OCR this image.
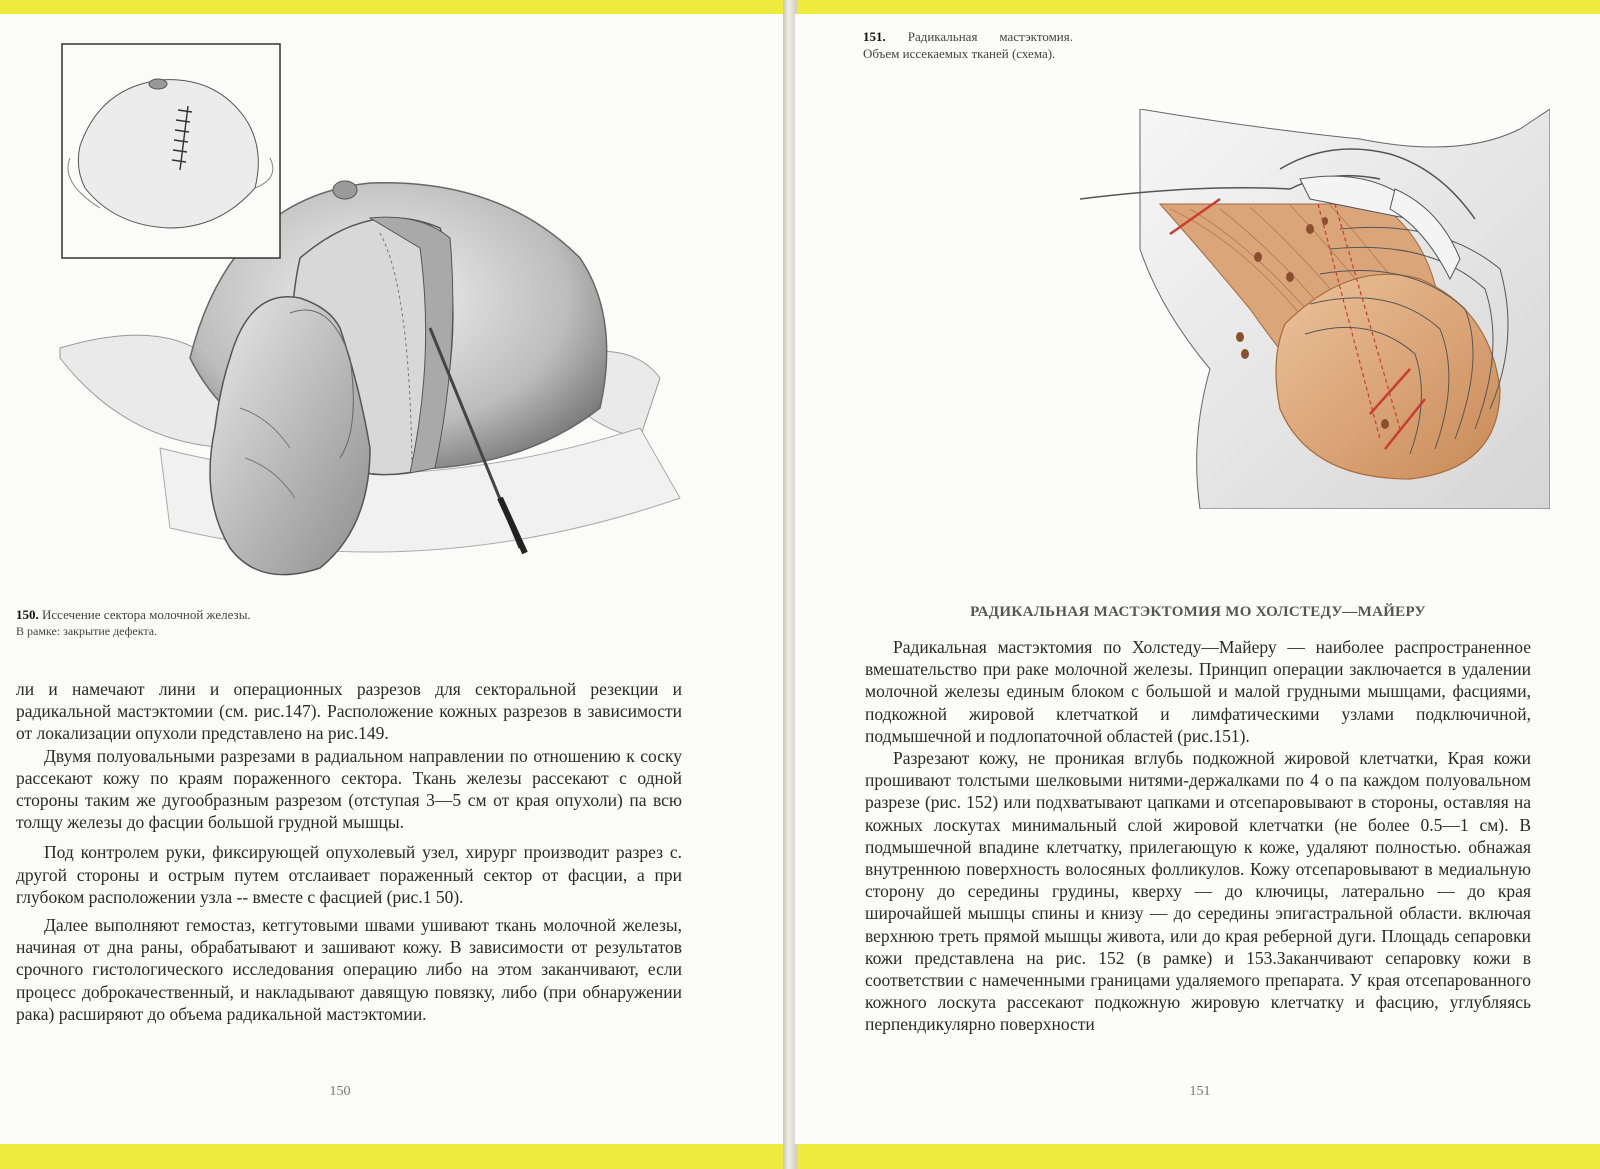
150. Иссечение сектора молочной железы.
В рамке: закрытие дефекта.

ли и намечают лини и операционных разрезов для секторальной резекции и радикальной мастэктомии (см. рис.147). Расположение кожных разрезов в зависимости от локализации опухоли представлено на рис.149.

Двумя полуовальными разрезами в радиальном направлении по отношению к соску рассекают кожу по краям пораженного сектора. Ткань железы рассекают с одной стороны таким же дугообразным разрезом (отступая 3—5 см от края опухоли) па всю толщу железы до фасции большой грудной мышцы.

Под контролем руки, фиксирующей опухолевый узел, хирург производит разрез с. другой стороны и острым путем отслаивает пораженный сектор от фасции, а при глубоком расположении узла -- вместе с фасцией (рис.1 50).

Далее выполняют гемостаз, кетгутовыми швами ушивают ткань молочной железы, начиная от дна раны, обрабатывают и зашивают кожу. В зависимости от результатов срочного гистологического исследования операцию либо на этом заканчивают, если процесс доброкачественный, и накладывают давящую повязку, либо (при обнаружении рака) расширяют до объема радикальной мастэктомии.

150
151. Радикальная мастэктомия. Объем иссекаемых тканей (схема).
РАДИКАЛЬНАЯ МАСТЭКТОМИЯ МО ХОЛСТЕДУ—МАЙЕРУ

Радикальная мастэктомия по Холстеду—Майеру — наиболее распространенное вмешательство при раке молочной железы. Принцип операции заключается в удалении молочной железы единым блоком с большой и малой грудными мышцами, фасциями, подкожной жировой клетчаткой и лимфатическими узлами подключичной, подмышечной и подлопаточной областей (рис.151).

Разрезают кожу, не проникая вглубь подкожной жировой клетчатки, Края кожи прошивают толстыми шелковыми нитями-держалками по 4 о па каждом полуовальном разрезе (рис. 152) или подхватывают цапками и отсепаровывают в стороны, оставляя на кожных лоскутах минимальный слой жировой клетчатки (не более 0.5—1 см). В подмышечной впадине клетчатку, прилегающую к коже, удаляют полностью. обнажая внутреннюю поверхность волосяных фолликулов. Кожу отсепаровывают в медиальную сторону до середины грудины, кверху — до ключицы, латерально — до края широчайшей мышцы спины и книзу — до середины эпигастральной области. включая верхнюю треть прямой мышцы живота, или до края реберной дуги. Площадь сепаровки кожи представлена на рис. 152 (в рамке) и 153.Заканчивают сепаровку кожи в соответствии с намеченными границами удаляемого препарата. У края отсепарованного кожного лоскута рассекают подкожную жировую клетчатку и фасцию, углубляясь перпендикулярно поверхности

151
